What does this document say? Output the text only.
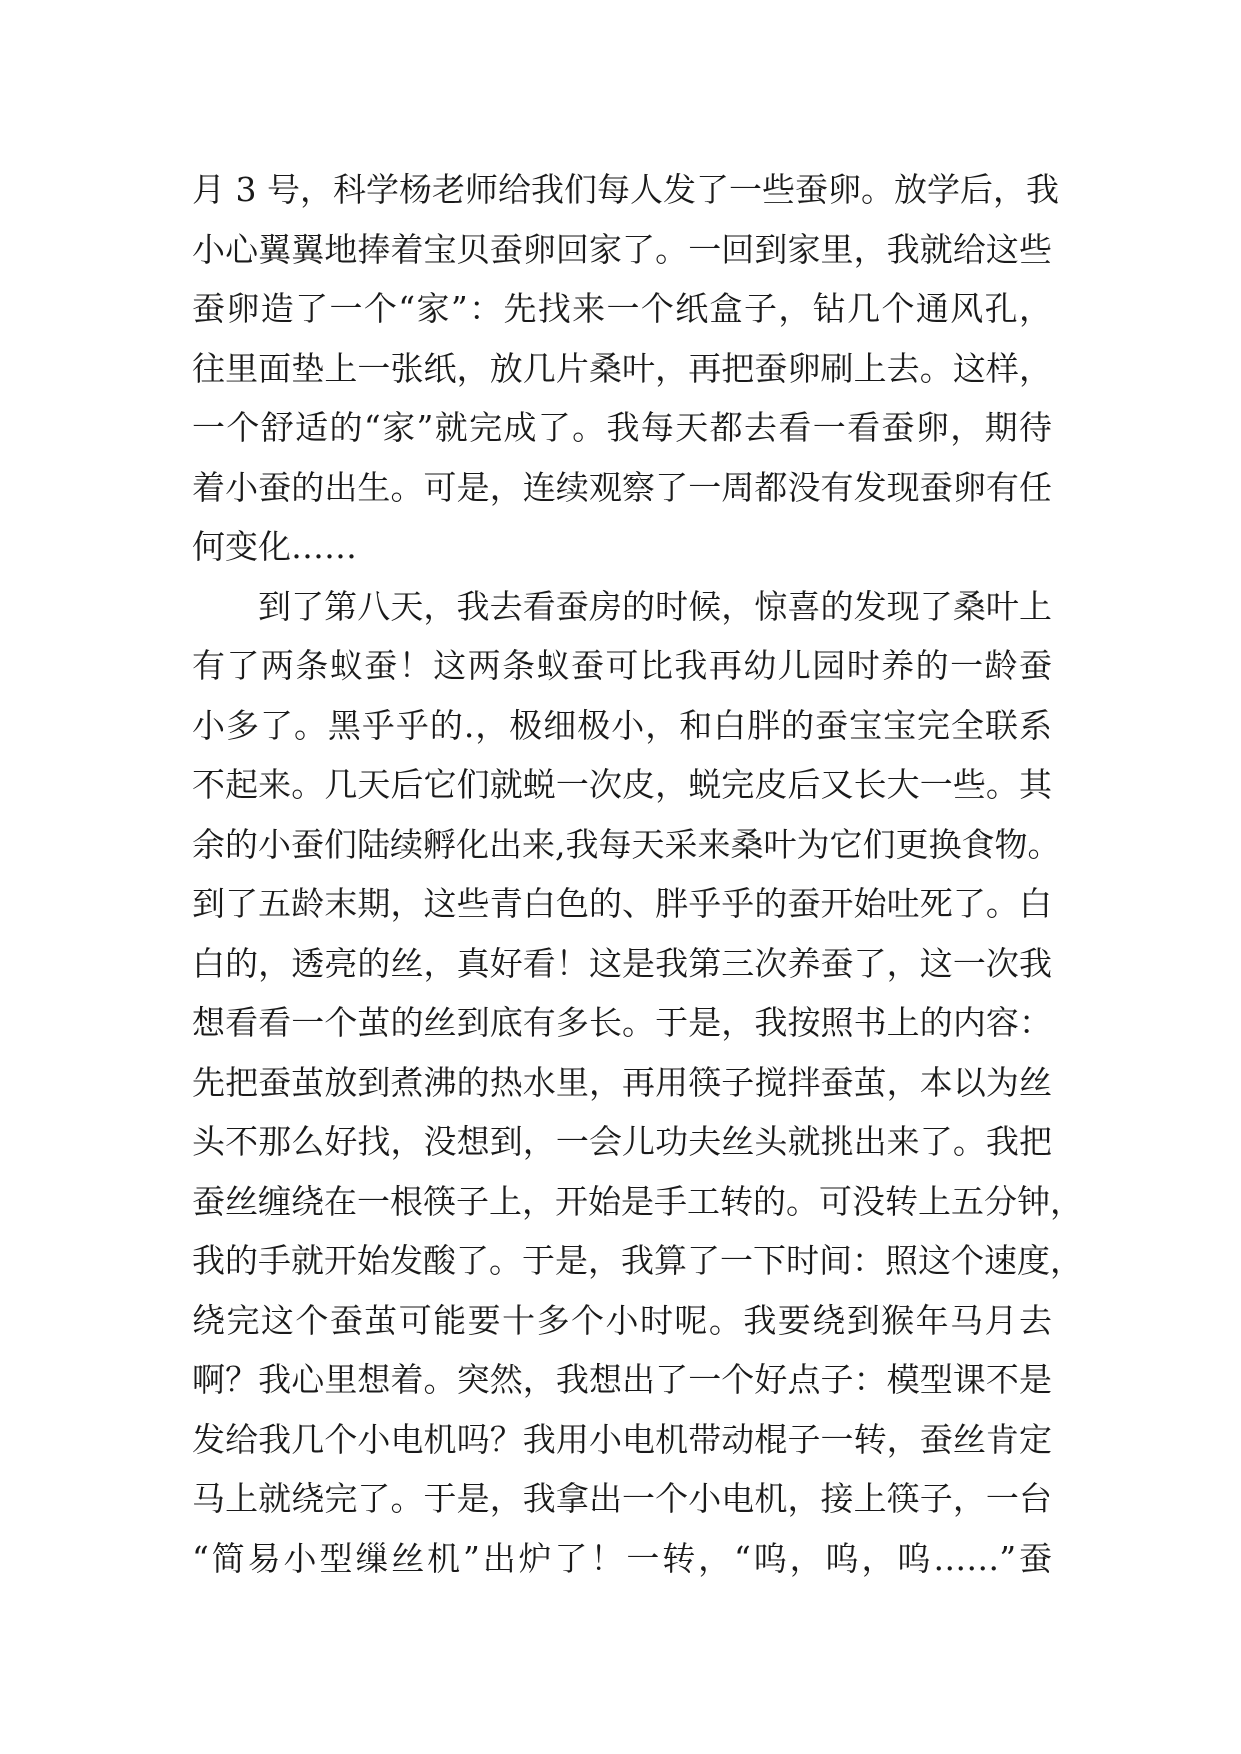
月 3 号，科学杨老师给我们每人发了一些蚕卵。放学后，我
小心翼翼地捧着宝贝蚕卵回家了。一回到家里，我就给这些
蚕卵造了一个“家”：先找来一个纸盒子，钻几个通风孔，
往里面垫上一张纸，放几片桑叶，再把蚕卵刷上去。这样，
一个舒适的“家”就完成了。我每天都去看一看蚕卵，期待
着小蚕的出生。可是，连续观察了一周都没有发现蚕卵有任
何变化……
到了第八天，我去看蚕房的时候，惊喜的发现了桑叶上
有了两条蚁蚕！这两条蚁蚕可比我再幼儿园时养的一龄蚕
小多了。黑乎乎的.，极细极小，和白胖的蚕宝宝完全联系
不起来。几天后它们就蜕一次皮，蜕完皮后又长大一些。其
余的小蚕们陆续孵化出来,我每天采来桑叶为它们更换食物。
到了五龄末期，这些青白色的、胖乎乎的蚕开始吐死了。白
白的，透亮的丝，真好看！这是我第三次养蚕了，这一次我
想看看一个茧的丝到底有多长。于是，我按照书上的内容：
先把蚕茧放到煮沸的热水里，再用筷子搅拌蚕茧，本以为丝
头不那么好找，没想到，一会儿功夫丝头就挑出来了。我把
蚕丝缠绕在一根筷子上，开始是手工转的。可没转上五分钟，
我的手就开始发酸了。于是，我算了一下时间：照这个速度，
绕完这个蚕茧可能要十多个小时呢。我要绕到猴年马月去
啊？我心里想着。突然，我想出了一个好点子：模型课不是
发给我几个小电机吗？我用小电机带动棍子一转，蚕丝肯定
马上就绕完了。于是，我拿出一个小电机，接上筷子，一台
“简易小型缫丝机”出炉了！一转，“呜，呜，呜……”蚕
